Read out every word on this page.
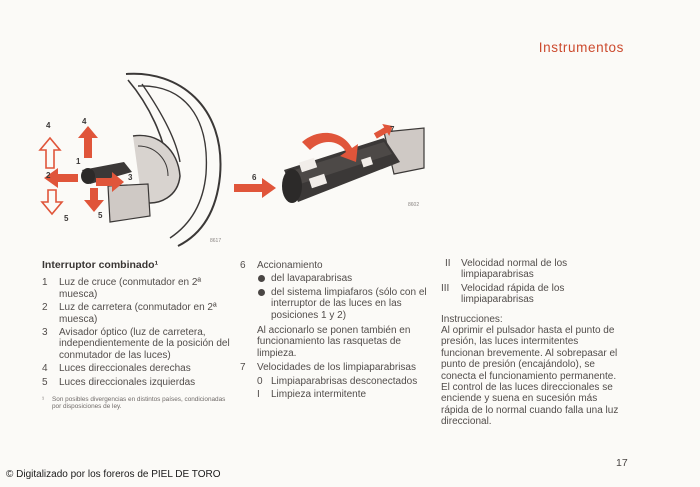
Instrumentos
4	4
1
2	3
5	5
8617
7
6
8602
Interruptor combinado¹
1	Luz de cruce (conmutador en 2ª muesca)
2	Luz de carretera (conmutador en 2ª muesca)
3	Avisador óptico (luz de carretera, independientemente de la posición del conmutador de las luces)
4	Luces direccionales derechas
5	Luces direccionales izquierdas
¹	Son posibles divergencias en distintos países, condicionadas por disposiciones de ley.
6	Accionamiento
del lavaparabrisas
del sistema limpiafaros (sólo con el interruptor de las luces en las posiciones 1 y 2)
Al accionarlo se ponen también en funcionamiento las rasquetas de limpieza.
7	Velocidades de los limpiaparabrisas
0 Limpiaparabrisas desconectados
I	Limpieza intermitente
II	Velocidad normal de los limpiaparabrisas
III	Velocidad rápida de los limpiaparabrisas
Instrucciones:
Al oprimir el pulsador hasta el punto de presión, las luces intermitentes funcionan brevemente. Al sobrepasar el punto de presión (encajándolo), se conecta el funcionamiento permanente. El control de las luces direccionales se enciende y suena en sucesión más rápida de lo normal cuando falla una luz direccional.
17
© Digitalizado por los foreros de PIEL DE TORO
